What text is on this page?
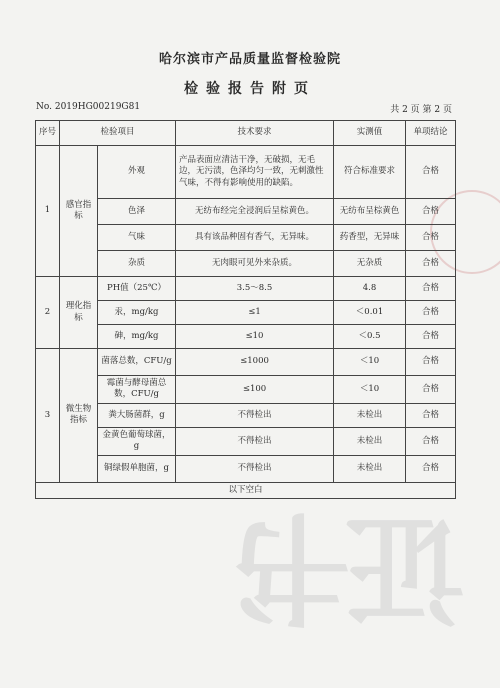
证书
哈尔滨市产品质量监督检验院
检验报告附页
No. 2019HG00219G81	共 2 页 第 2 页
序号	检验项目		技术要求	实测值	单项结论
1	感官指标	外观	产品表面应清洁干净，无破损，无毛边，无污渍，色泽均匀一致，无刺激性气味，不得有影响使用的缺陷。	符合标准要求	合格
		色泽	无纺布经完全浸润后呈棕黄色。	无纺布呈棕黄色	合格
		气味	具有该品种固有香气，无异味。	药香型，无异味	合格
		杂质	无肉眼可见外来杂质。	无杂质	合格
2	理化指标	PH值（25℃）	3.5～8.5	4.8	合格
		汞，mg/kg	≤1	＜0.01	合格
		砷，mg/kg	≤10	＜0.5	合格
3	微生物指标	菌落总数，CFU/g	≤1000	＜10	合格
		霉菌与酵母菌总数，CFU/g	≤100	＜10	合格
		粪大肠菌群，g	不得检出	未检出	合格
		金黄色葡萄球菌，g	不得检出	未检出	合格
		铜绿假单胞菌，g	不得检出	未检出	合格
以下空白					
